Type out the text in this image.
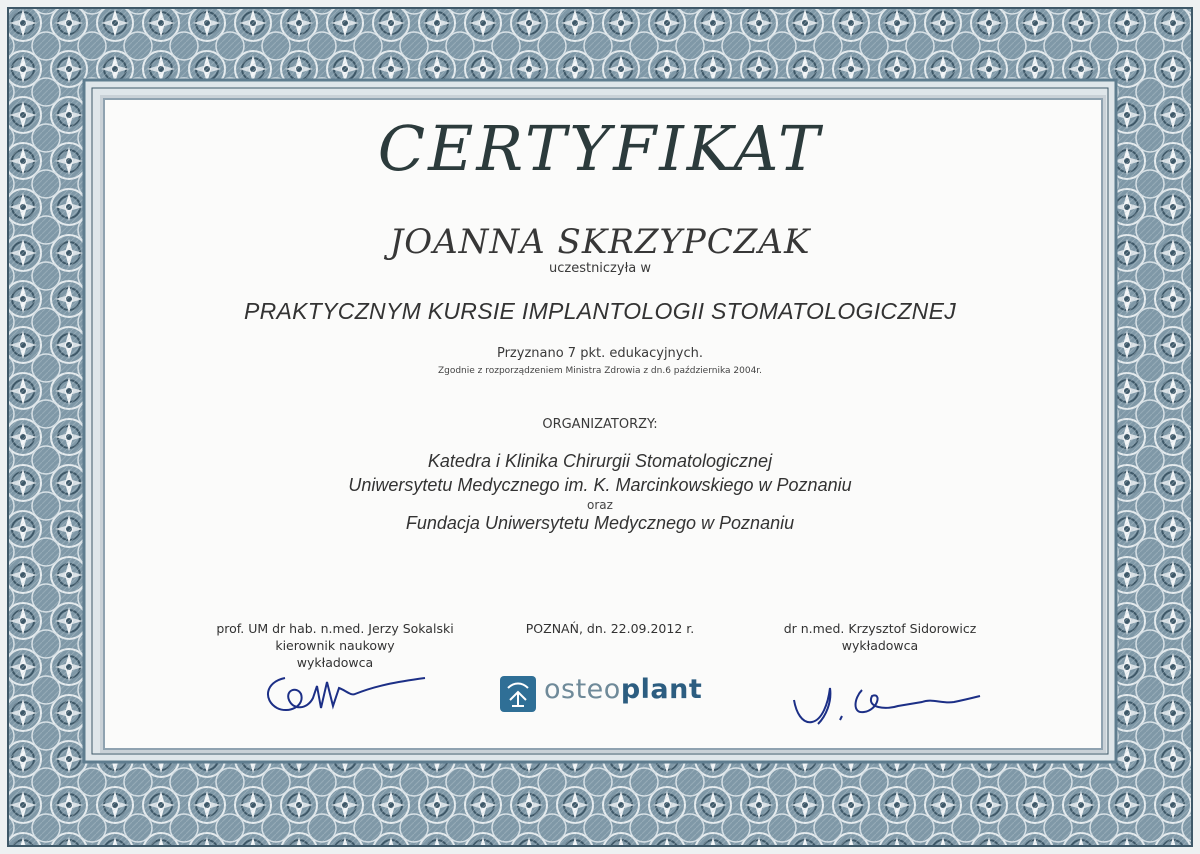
CERTYFIKAT
JOANNA SKRZYPCZAK
uczestniczyła w
PRAKTYCZNYM KURSIE IMPLANTOLOGII STOMATOLOGICZNEJ
Przyznano 7 pkt. edukacyjnych.
Zgodnie z rozporządzeniem Ministra Zdrowia z dn.6 października 2004r.
ORGANIZATORZY:
Katedra i Klinika Chirurgii Stomatologicznej
Uniwersytetu Medycznego im. K. Marcinkowskiego w Poznaniu
oraz
Fundacja Uniwersytetu Medycznego w Poznaniu
prof. UM dr hab. n.med. Jerzy Sokalski
kierownik naukowy
wykładowca
POZNAŃ, dn. 22.09.2012 r.	dr n.med. Krzysztof Sidorowicz
wykładowca
osteoplant
